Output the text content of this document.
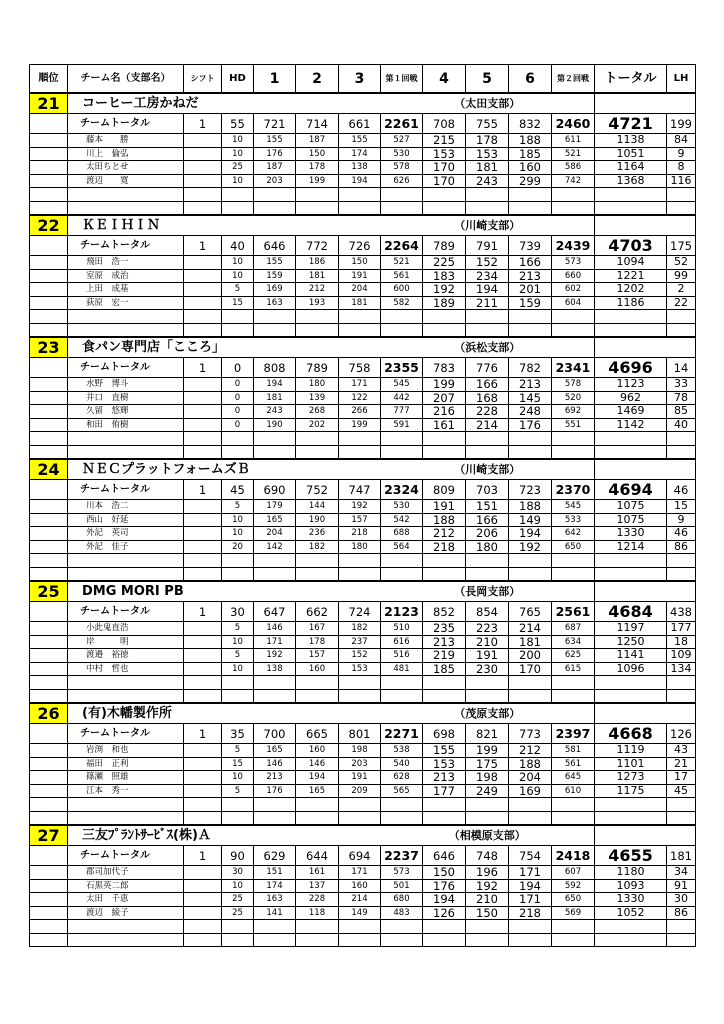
順位	チーム名（支部名）	シフト	HD	1	2	3	第１回戦	4	5	6	第２回戦	トータル	LH
21	コーヒー工房かねだ						（太田支部）						
	チームトータル	1	55	721	714	661	2261	708	755	832	2460	4721	199
	藤本　　勝		10	155	187	155	527	215	178	188	611	1138	84
	川上　倫弘		10	176	150	174	530	153	153	185	521	1051	9
	太田ちとせ		25	187	178	138	578	170	181	160	586	1164	8
	渡辺　　寛		10	203	199	194	626	170	243	299	742	1368	116

22	ＫＥＩＨＩＮ						（川崎支部）						
	チームトータル	1	40	646	772	726	2264	789	791	739	2439	4703	175
	飛田　浩一		10	155	186	150	521	225	152	166	573	1094	52
	室原　成治		10	159	181	191	561	183	234	213	660	1221	99
	上田　成基		5	169	212	204	600	192	194	201	602	1202	2
	荻原　宏一		15	163	193	181	582	189	211	159	604	1186	22

23	食パン専門店「こころ」						（浜松支部）						
	チームトータル	1	0	808	789	758	2355	783	776	782	2341	4696	14
	水野　博斗		0	194	180	171	545	199	166	213	578	1123	33
	井口　直樹		0	181	139	122	442	207	168	145	520	962	78
	久留　悠輝		0	243	268	266	777	216	228	248	692	1469	85
	和田　侑樹		0	190	202	199	591	161	214	176	551	1142	40

24	ＮＥＣプラットフォームズＢ						（川崎支部）						
	チームトータル	1	45	690	752	747	2324	809	703	723	2370	4694	46
	川本　浩二		5	179	144	192	530	191	151	188	545	1075	15
	西山　好延		10	165	190	157	542	188	166	149	533	1075	9
	外記　英司		10	204	236	218	688	212	206	194	642	1330	46
	外記　佳子		20	142	182	180	564	218	180	192	650	1214	86

25	DMG MORI PB						（長岡支部）						
	チームトータル	1	30	647	662	724	2123	852	854	765	2561	4684	438
	小此鬼直浩		5	146	167	182	510	235	223	214	687	1197	177
	岸　　　明		10	171	178	237	616	213	210	181	634	1250	18
	渡邉　裕徳		5	192	157	152	516	219	191	200	625	1141	109
	中村　哲也		10	138	160	153	481	185	230	170	615	1096	134

26	(有)木幡製作所						（茂原支部）						
	チームトータル	1	35	700	665	801	2271	698	821	773	2397	4668	126
	岩渕　和也		5	165	160	198	538	155	199	212	581	1119	43
	福田　正利		15	146	146	203	540	153	175	188	561	1101	21
	篠瀬　照雄		10	213	194	191	628	213	198	204	645	1273	17
	江本　秀一		5	176	165	209	565	177	249	169	610	1175	45

27	三友ﾌﾟﾗﾝﾄｻｰﾋﾞｽ(株)Ａ						（相模原支部）						
	チームトータル	1	90	629	644	694	2237	646	748	754	2418	4655	181
	郡司加代子		30	151	161	171	573	150	196	171	607	1180	34
	石黒英二郎		10	174	137	160	501	176	192	194	592	1093	91
	太田　千恵		25	163	228	214	680	194	210	171	650	1330	30
	渡辺　綾子		25	141	118	149	483	126	150	218	569	1052	86
